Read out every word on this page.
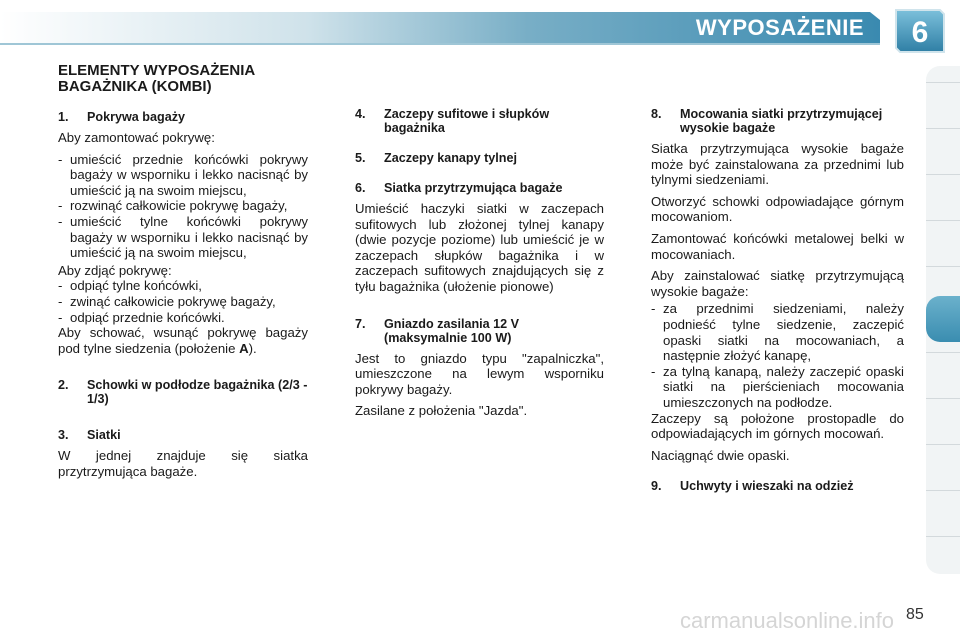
WYPOSAŻENIE	6
ELEMENTY WYPOSAŻENIA BAGAŻNIKA (KOMBI)
1.	Pokrywa bagaży

Aby zamontować pokrywę:

- umieścić przednie końcówki pokrywy bagaży w wsporniku i lekko nacisnąć by umieścić ją na swoim miejscu,
- rozwinąć całkowicie pokrywę bagaży,
- umieścić tylne końcówki pokrywy bagaży w wsporniku i lekko nacisnąć by umieścić ją na swoim miejscu,
Aby zdjąć pokrywę:
- odpiąć tylne końcówki,
- zwinąć całkowicie pokrywę bagaży,
- odpiąć przednie końcówki.

Aby schować, wsunąć pokrywę bagaży pod tylne siedzenia (położenie A).

2.	Schowki w podłodze bagażnika (2/3 - 1/3)
3.	Siatki

W jednej znajduje się siatka przytrzymująca bagaże.

4.	Zaczepy sufitowe i słupków bagażnika
5.	Zaczepy kanapy tylnej
6.	Siatka przytrzymująca bagaże

Umieścić haczyki siatki w zaczepach sufitowych lub złożonej tylnej kanapy (dwie pozycje poziome) lub umieścić je w zaczepach słupków bagażnika i w zaczepach sufitowych znajdujących się z tyłu bagażnika (ułożenie pionowe)

7.	Gniazdo zasilania 12 V (maksymalnie 100 W)

Jest to gniazdo typu "zapalniczka", umieszczone na lewym wsporniku pokrywy bagaży.

Zasilane z położenia "Jazda".

8.	Mocowania siatki przytrzymującej wysokie bagaże

Siatka przytrzymująca wysokie bagaże może być zainstalowana za przednimi lub tylnymi siedzeniami.

Otworzyć schowki odpowiadające górnym mocowaniom.

Zamontować końcówki metalowej belki w mocowaniach.

Aby zainstalować siatkę przytrzymującą wysokie bagaże:

- za przednimi siedzeniami, należy podnieść tylne siedzenie, zaczepić opaski siatki na mocowaniach, a następnie złożyć kanapę,
- za tylną kanapą, należy zaczepić opaski siatki na pierścieniach mocowania umieszczonych na podłodze.

Zaczepy są położone prostopadle do odpowiadających im górnych mocowań.

Naciągnąć dwie opaski.

9.	Uchwyty i wieszaki na odzież
carmanualsonline.info 85
